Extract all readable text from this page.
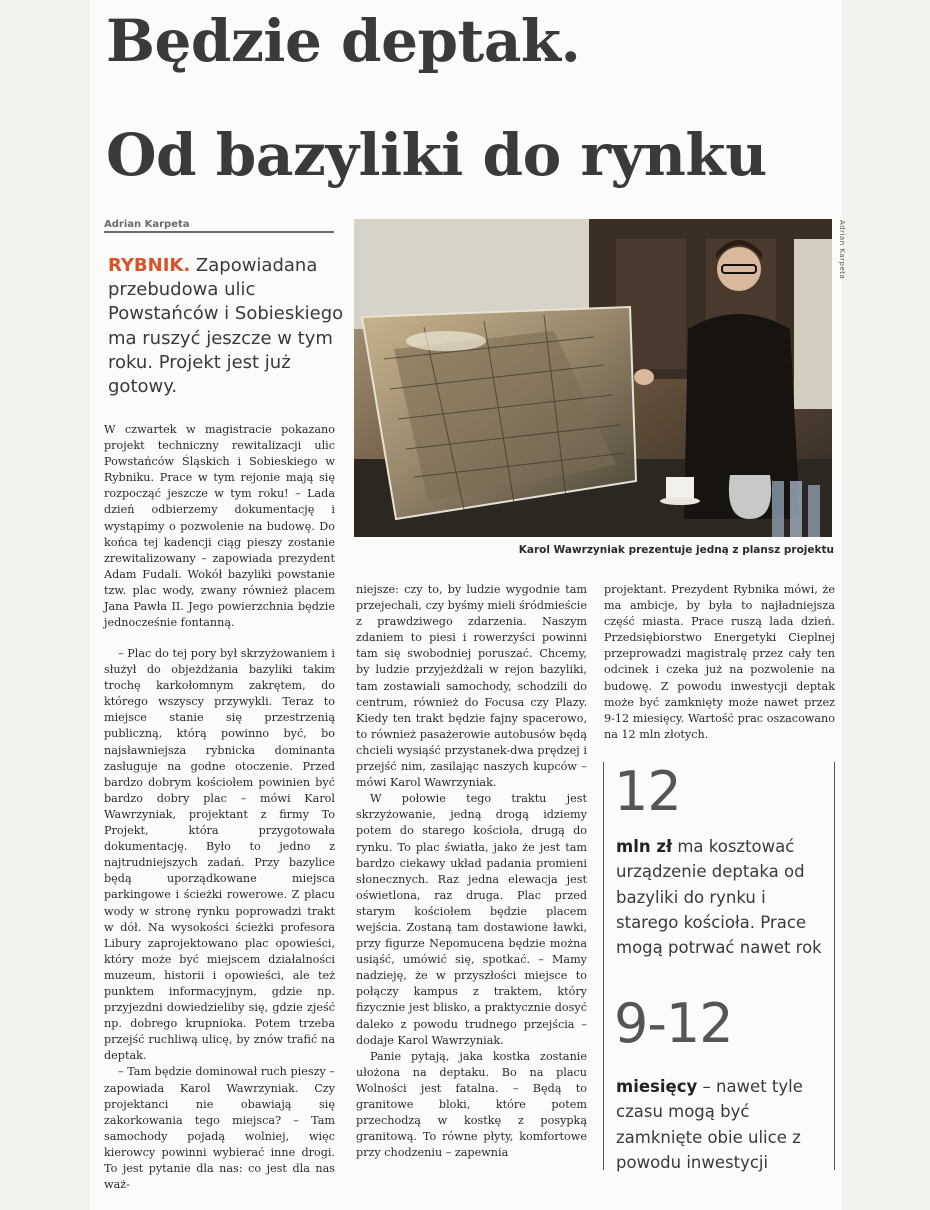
Będzie deptak.
Od bazyliki do rynku
Adrian Karpeta
RYBNIK. Zapowiadana przebudowa ulic Powstańców i Sobieskiego ma ruszyć jeszcze w tym roku. Projekt jest już gotowy.
Adrian Karpeta
Karol Wawrzyniak prezentuje jedną z plansz projektu

W czwartek w magistracie pokazano projekt techniczny rewitalizacji ulic Powstańców Śląskich i Sobieskiego w Rybniku. Prace w tym rejonie mają się rozpocząć jeszcze w tym roku! – Lada dzień odbierzemy dokumentację i wystąpimy o pozwolenie na budowę. Do końca tej kadencji ciąg pieszy zostanie zrewitalizowany – zapowiada prezydent Adam Fudali. Wokół bazyliki powstanie tzw. plac wody, zwany również placem Jana Pawła II. Jego powierzchnia będzie jednocześnie fontanną.

– Plac do tej pory był skrzyżowaniem i służył do objeżdżania bazyliki takim trochę karkołomnym zakrętem, do którego wszyscy przywykli. Teraz to miejsce stanie się przestrzenią publiczną, którą powinno być, bo najsławniejsza rybnicka dominanta zasługuje na godne otoczenie. Przed bardzo dobrym kościołem powinien być bardzo dobry plac – mówi Karol Wawrzyniak, projektant z firmy To Projekt, która przygotowała dokumentację. Było to jedno z najtrudniejszych zadań. Przy bazylice będą uporządkowane miejsca parkingowe i ścieżki rowerowe. Z placu wody w stronę rynku poprowadzi trakt w dół. Na wysokości ścieżki profesora Libury zaprojektowano plac opowieści, który może być miejscem działalności muzeum, historii i opowieści, ale też punktem informacyjnym, gdzie np. przyjezdni dowiedzieliby się, gdzie zjeść np. dobrego krupnioka. Potem trzeba przejść ruchliwą ulicę, by znów trafić na deptak.

– Tam będzie dominował ruch pieszy – zapowiada Karol Wawrzyniak. Czy projektanci nie obawiają się zakorkowania tego miejsca? – Tam samochody pojadą wolniej, więc kierowcy powinni wybierać inne drogi. To jest pytanie dla nas: co jest dla nas waż-

niejsze: czy to, by ludzie wygodnie tam przejechali, czy byśmy mieli śródmieście z prawdziwego zdarzenia. Naszym zdaniem to piesi i rowerzyści powinni tam się swobodniej poruszać. Chcemy, by ludzie przyjeżdżali w rejon bazyliki, tam zostawiali samochody, schodzili do centrum, również do Focusa czy Plazy. Kiedy ten trakt będzie fajny spacerowo, to również pasażerowie autobusów będą chcieli wysiąść przystanek-dwa prędzej i przejść nim, zasilając naszych kupców – mówi Karol Wawrzyniak.

W połowie tego traktu jest skrzyżowanie, jedną drogą idziemy potem do starego kościoła, drugą do rynku. To plac światła, jako że jest tam bardzo ciekawy układ padania promieni słonecznych. Raz jedna elewacja jest oświetlona, raz druga. Plac przed starym kościołem będzie placem wejścia. Zostaną tam dostawione ławki, przy figurze Nepomucena będzie można usiąść, umówić się, spotkać. – Mamy nadzieję, że w przyszłości miejsce to połączy kampus z traktem, który fizycznie jest blisko, a praktycznie dosyć daleko z powodu trudnego przejścia – dodaje Karol Wawrzyniak.

Panie pytają, jaka kostka zostanie ułożona na deptaku. Bo na placu Wolności jest fatalna. – Będą to granitowe bloki, które potem przechodzą w kostkę z posypką granitową. To równe płyty, komfortowe przy chodzeniu – zapewnia

projektant. Prezydent Rybnika mówi, że ma ambicje, by była to najładniejsza część miasta. Prace ruszą lada dzień. Przedsiębiorstwo Energetyki Cieplnej przeprowadzi magistralę przez cały ten odcinek i czeka już na pozwolenie na budowę. Z powodu inwestycji deptak może być zamknięty może nawet przez 9-12 miesięcy. Wartość prac oszacowano na 12 mln złotych.

12
mln zł ma kosztować urządzenie deptaka od bazyliki do rynku i starego kościoła. Prace mogą potrwać nawet rok
9-12
miesięcy – nawet tyle czasu mogą być zamknięte obie ulice z powodu inwestycji
